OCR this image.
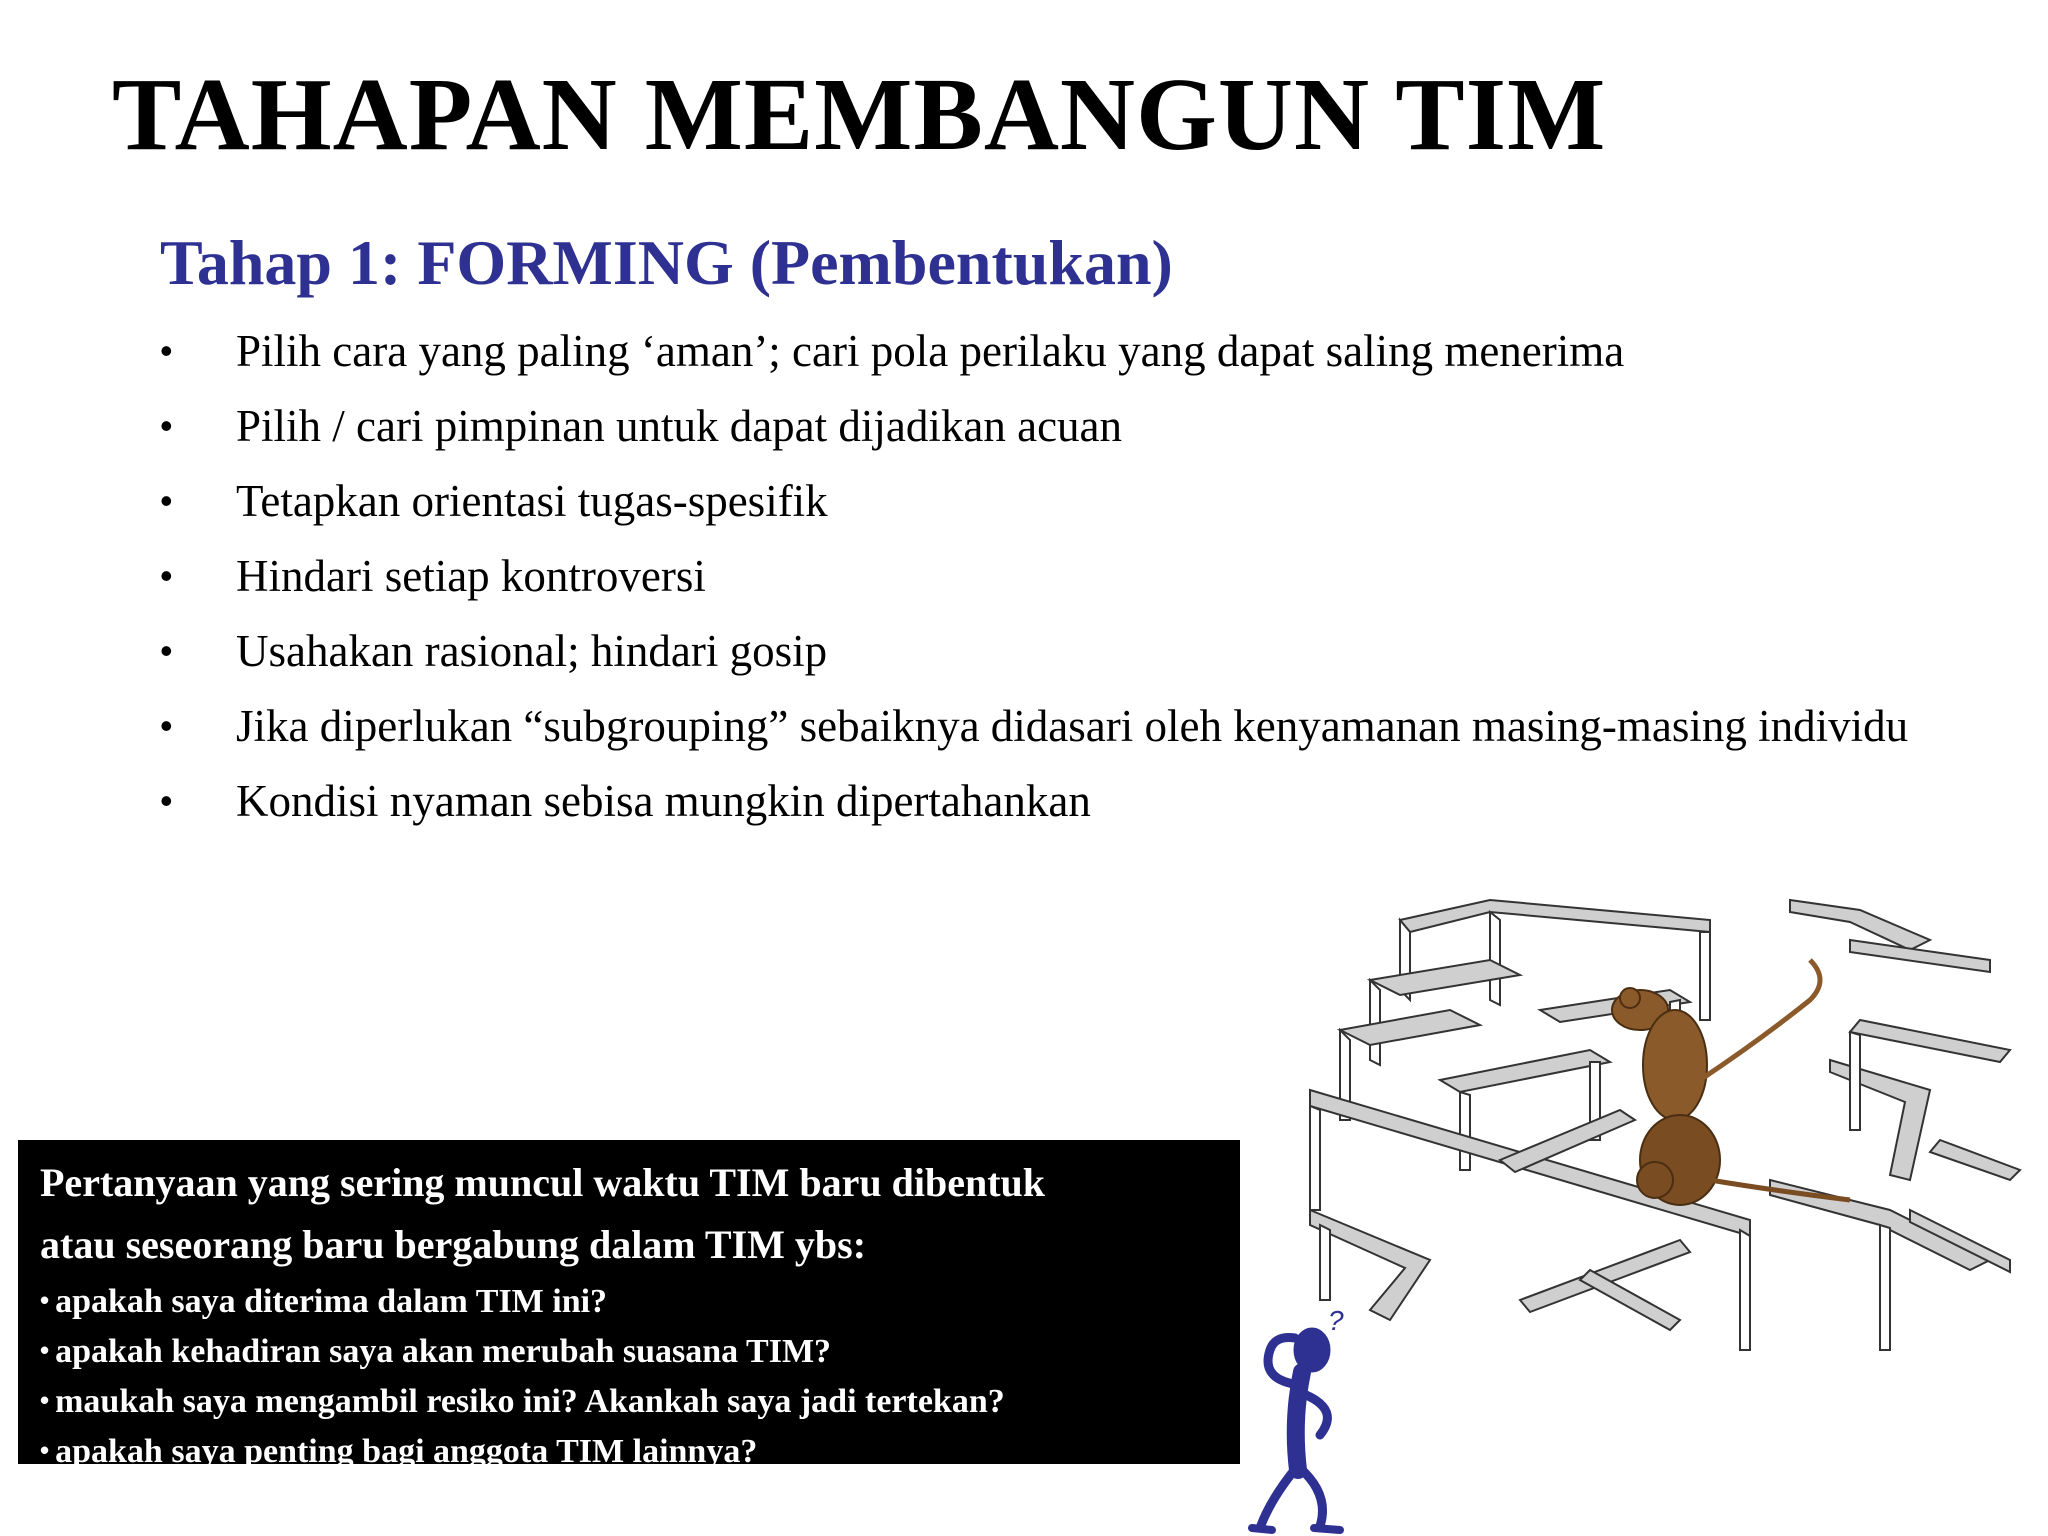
TAHAPAN MEMBANGUN TIM
Tahap 1: FORMING (Pembentukan)
• Pilih cara yang paling ‘aman’; cari pola perilaku yang dapat saling menerima
• Pilih / cari pimpinan untuk dapat dijadikan acuan
• Tetapkan orientasi tugas-spesifik
• Hindari setiap kontroversi
• Usahakan rasional; hindari gosip
• Jika diperlukan “subgrouping” sebaiknya didasari oleh kenyamanan masing-masing individu
• Kondisi nyaman sebisa mungkin dipertahankan
?
Pertanyaan yang sering muncul waktu TIM baru dibentuk
atau seseorang baru bergabung dalam TIM ybs:
• apakah saya diterima dalam TIM ini?
• apakah kehadiran saya akan merubah suasana TIM?
• maukah saya mengambil resiko ini? Akankah saya jadi tertekan?
• apakah saya penting bagi anggota TIM lainnya?
